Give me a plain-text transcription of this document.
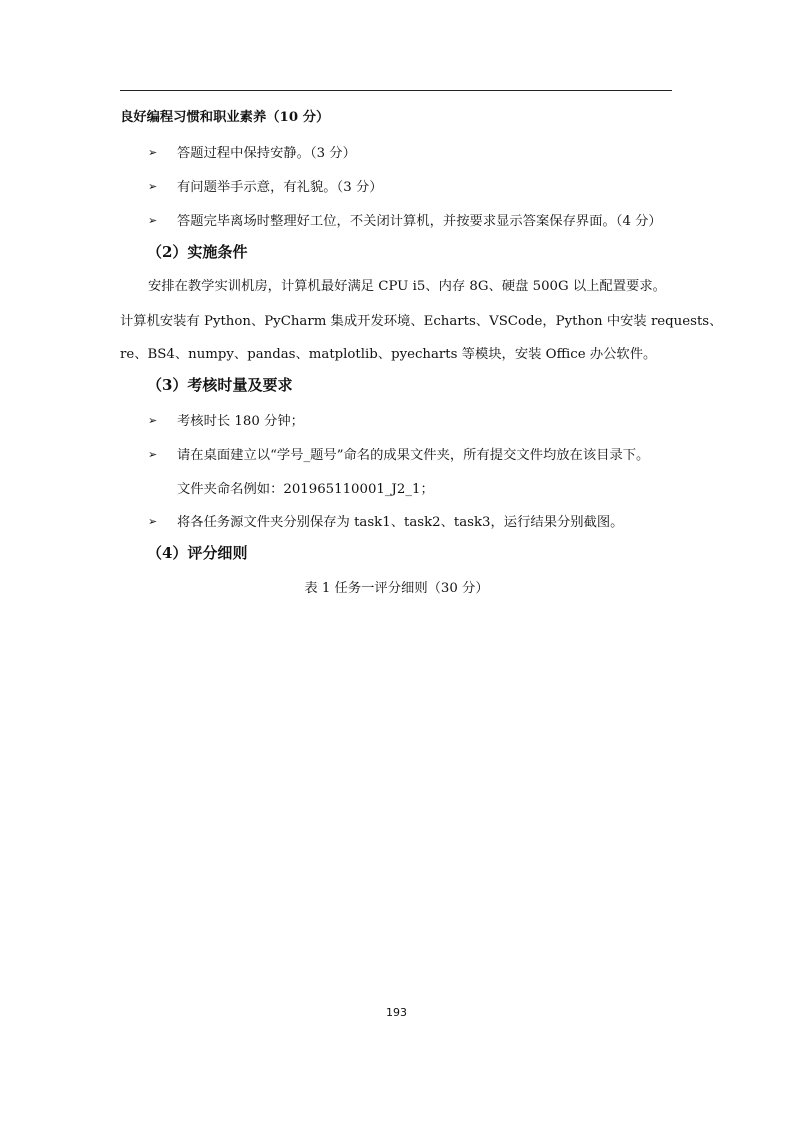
良好编程习惯和职业素养（10 分）
➢ 答题过程中保持安静。（3 分）
➢ 有问题举手示意，有礼貌。（3 分）
➢ 答题完毕离场时整理好工位，不关闭计算机，并按要求显示答案保存界面。（4 分）
（2）实施条件
安排在教学实训机房，计算机最好满足 CPU i5、内存 8G、硬盘 500G 以上配置要求。
计算机安装有 Python、PyCharm 集成开发环境、Echarts、VSCode，Python 中安装 requests、
re、BS4、numpy、pandas、matplotlib、pyecharts 等模块，安装 Office 办公软件。
（3）考核时量及要求
➢ 考核时长 180 分钟；
➢ 请在桌面建立以“学号_题号”命名的成果文件夹，所有提交文件均放在该目录下。
文件夹命名例如：201965110001_J2_1；
➢ 将各任务源文件夹分别保存为 task1、task2、task3，运行结果分别截图。
（4）评分细则
表 1 任务一评分细则（30 分）
193
